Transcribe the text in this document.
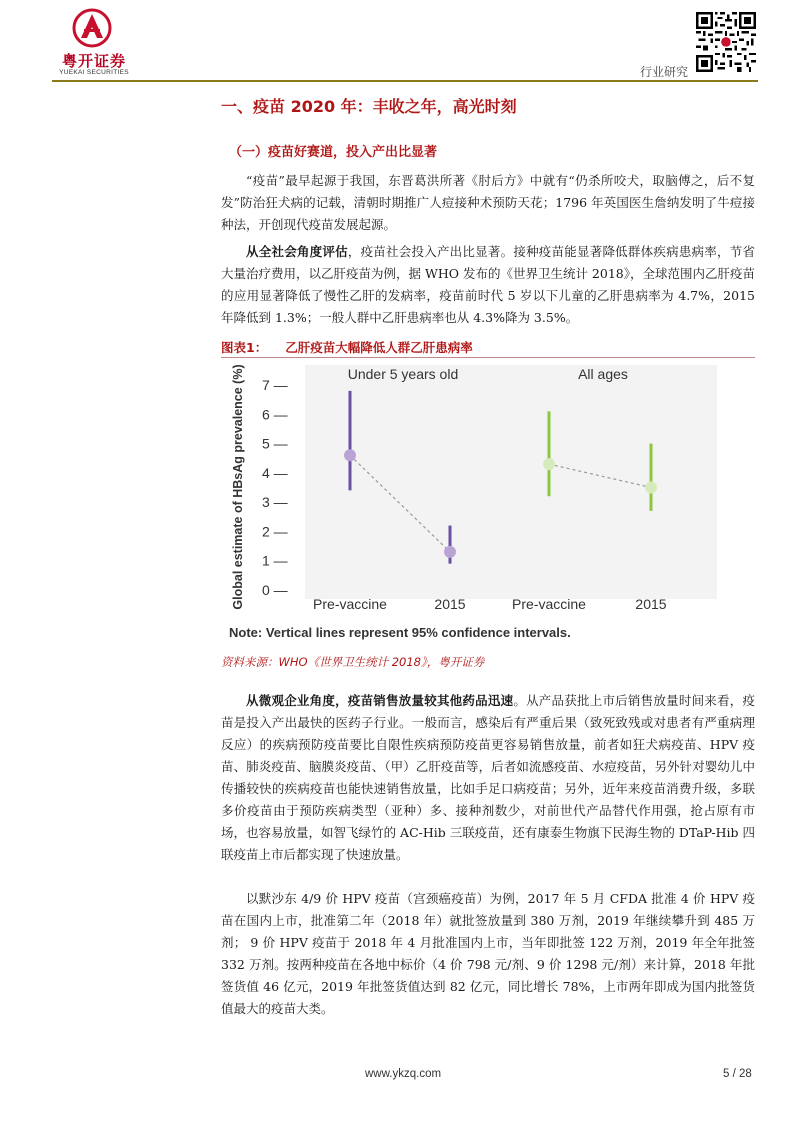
粤开证券
YUEKAI SECURITIES	行业研究
一、疫苗 2020 年：丰收之年，高光时刻
（一）疫苗好赛道，投入产出比显著

“疫苗”最早起源于我国，东晋葛洪所著《肘后方》中就有“仍杀所咬犬，取脑傅之，后不复发”防治狂犬病的记载，清朝时期推广人痘接种术预防天花；1796 年英国医生詹纳发明了牛痘接种法，开创现代疫苗发展起源。

从全社会角度评估，疫苗社会投入产出比显著。接种疫苗能显著降低群体疾病患病率，节省大量治疗费用，以乙肝疫苗为例，据 WHO 发布的《世界卫生统计 2018》，全球范围内乙肝疫苗的应用显著降低了慢性乙肝的发病率，疫苗前时代 5 岁以下儿童的乙肝患病率为 4.7%，2015 年降低到 1.3%；一般人群中乙肝患病率也从 4.3%降为 3.5%。

图表1： 乙肝疫苗大幅降低人群乙肝患病率
Global estimate of HBsAg prevalence (%) 0 —
1 —
2 —
3 —
4 —
5 —
6 —
7 —
Under 5 years old
Pre-vaccine	2015
All ages
Pre-vaccine	2015
Note: Vertical lines represent 95% confidence intervals.
资料来源：WHO《世界卫生统计 2018》，粤开证券

从微观企业角度，疫苗销售放量较其他药品迅速。从产品获批上市后销售放量时间来看，疫苗是投入产出最快的医药子行业。一般而言，感染后有严重后果（致死致残或对患者有严重病理反应）的疾病预防疫苗要比自限性疾病预防疫苗更容易销售放量，前者如狂犬病疫苗、HPV 疫苗、肺炎疫苗、脑膜炎疫苗、（甲）乙肝疫苗等，后者如流感疫苗、水痘疫苗，另外针对婴幼儿中传播较快的疾病疫苗也能快速销售放量，比如手足口病疫苗；另外，近年来疫苗消费升级，多联多价疫苗由于预防疾病类型（亚种）多、接种剂数少，对前世代产品替代作用强，抢占原有市场，也容易放量，如智飞绿竹的 AC-Hib 三联疫苗，还有康泰生物旗下民海生物的 DTaP-Hib 四联疫苗上市后都实现了快速放量。

以默沙东 4/9 价 HPV 疫苗（宫颈癌疫苗）为例，2017 年 5 月 CFDA 批准 4 价 HPV 疫苗在国内上市，批准第二年（2018 年）就批签放量到 380 万剂，2019 年继续攀升到 485 万剂； 9 价 HPV 疫苗于 2018 年 4 月批准国内上市，当年即批签 122 万剂，2019 年全年批签 332 万剂。按两种疫苗在各地中标价（4 价 798 元/剂、9 价 1298 元/剂）来计算，2018 年批签货值 46 亿元，2019 年批签货值达到 82 亿元，同比增长 78%，上市两年即成为国内批签货值最大的疫苗大类。

www.ykzq.com	5 / 28
